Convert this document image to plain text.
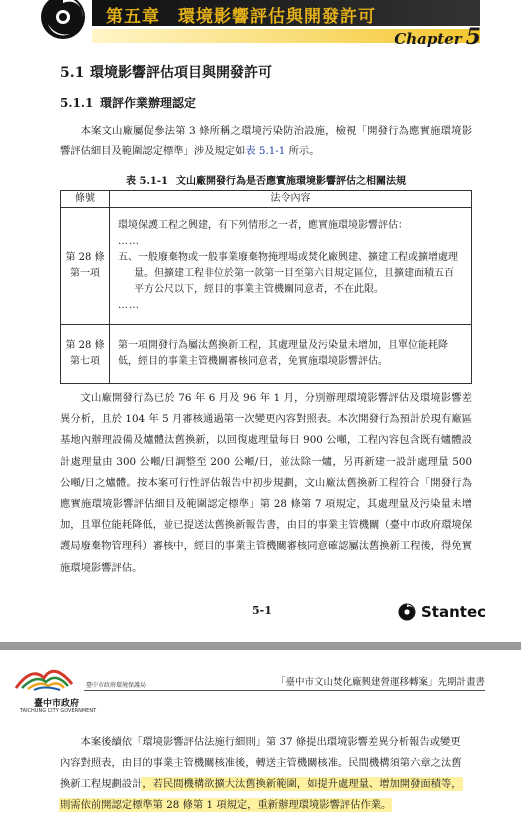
第五章　環境影響評估與開發許可
Chapter 5
5.1 環境影響評估項目與開發許可
5.1.1 環評作業辦理認定
本案文山廠屬促參法第 3 條所稱之環境污染防治設施，檢視「開發行為應實施環境影響評估細目及範圍認定標準」涉及規定如表 5.1-1 所示。
表 5.1-1 文山廠開發行為是否應實施環境影響評估之相關法規
條號	法令內容

第 28 條
第一項	環境保護工程之興建，有下列情形之一者，應實施環境影響評估：
……
五、一般廢棄物或一般事業廢棄物掩埋場或焚化廠興建、擴建工程或擴增處理量。但擴建工程非位於第一款第一目至第六目規定區位，且擴建面積五百平方公尺以下，經目的事業主管機關同意者，不在此限。
……

第 28 條
第七項	第一項開發行為屬汰舊換新工程，其處理量及污染量未增加，且單位能耗降低，經目的事業主管機關審核同意者，免實施環境影響評估。
文山廠開發行為已於 76 年 6 月及 96 年 1 月，分別辦理環境影響評估及環境影響差異分析，且於 104 年 5 月審核通過第一次變更內容對照表。本次開發行為預計於現有廠區基地內辦理設備及爐體汰舊換新，以回復處理量每日 900 公噸，工程內容包含既有爐體設計處理量由 300 公噸/日調整至 200 公噸/日，並汰除一爐，另再新建一設計處理量 500 公噸/日之爐體。按本案可行性評估報告中初步規劃，文山廠汰舊換新工程符合「開發行為應實施環境影響評估細目及範圍認定標準」第 28 條第 7 項規定，其處理量及污染量未增加，且單位能耗降低，並已提送汰舊換新報告書，由目的事業主管機關（臺中市政府環境保護局廢棄物管理科）審核中，經目的事業主管機關審核同意確認屬汰舊換新工程後，得免實施環境影響評估。
5-1	Stantec
臺中市政府
TAICHUNG CITY GOVERNMENT
臺中市政府環境保護局	「臺中市文山焚化廠興建營運移轉案」先期計畫書
本案後續依「環境影響評估法施行細則」第 37 條提出環境影響差異分析報告或變更
內容對照表，由目的事業主管機關核准後，轉送主管機關核准。民間機構須第六章之汰舊
換新工程規劃設計，若民間機構欲擴大汰舊換新範圍，如提升處理量、增加開發面積等，
則需依前開認定標準第 28 條第 1 項規定，重新辦理環境影響評估作業。
